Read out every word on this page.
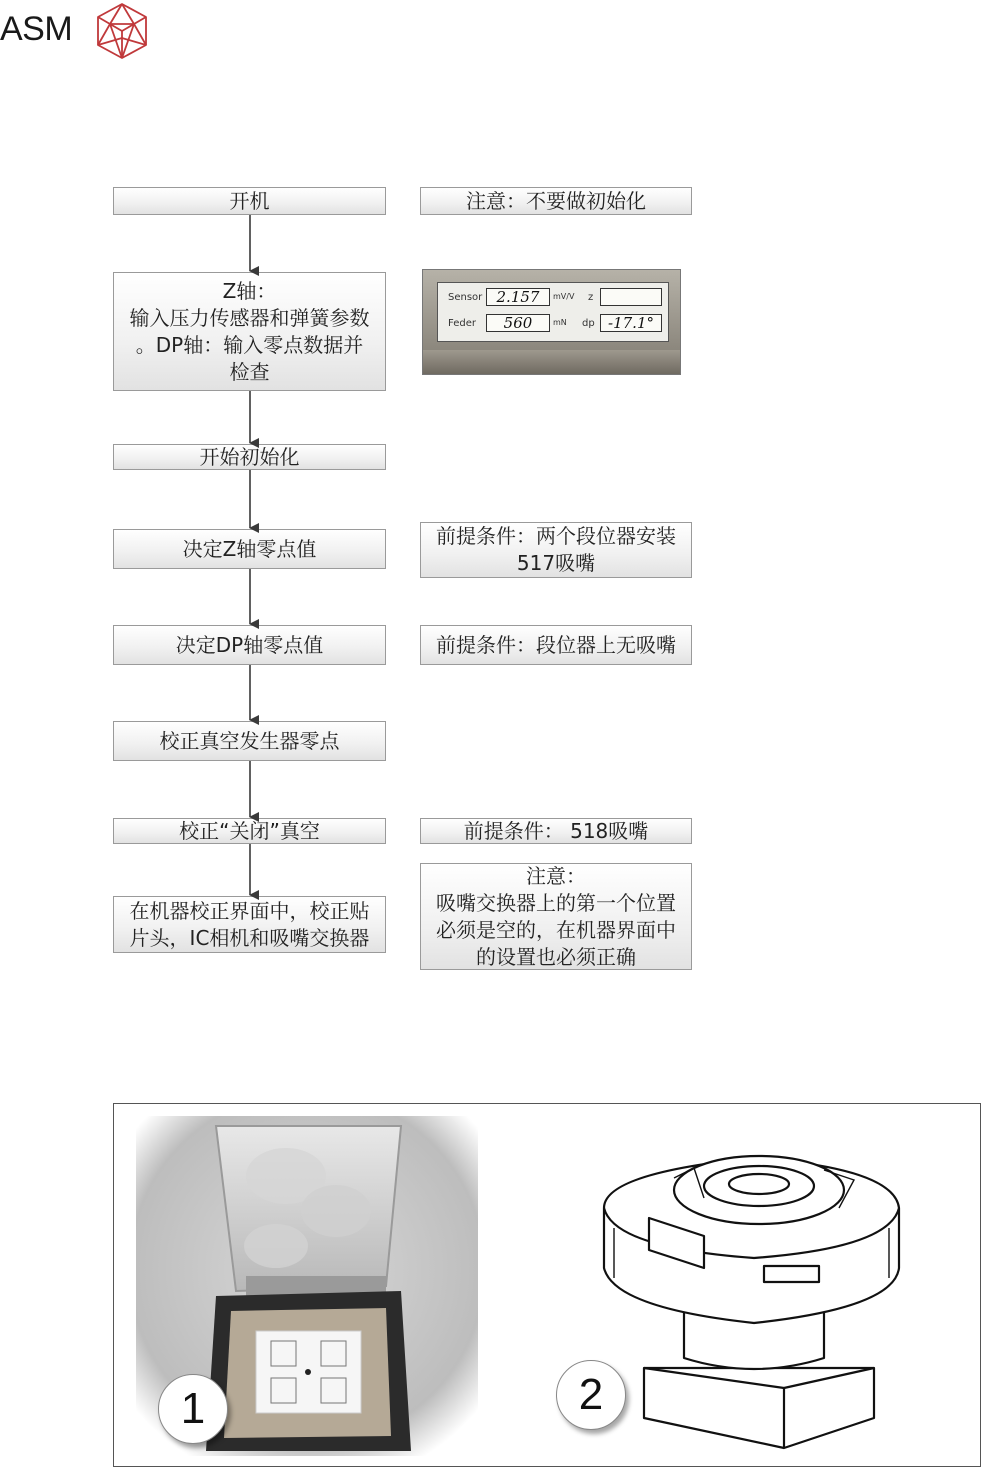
ASM
开机
Z轴：
输入压力传感器和弹簧参数
。DP轴：输入零点数据并
检查
开始初始化
决定Z轴零点值
决定DP轴零点值
校正真空发生器零点
校正“关闭”真空
在机器校正界面中，校正贴
片头，IC相机和吸嘴交换器
注意：不要做初始化
前提条件：两个段位器安装
517吸嘴
前提条件：段位器上无吸嘴
前提条件： 518吸嘴
注意：
吸嘴交换器上的第一个位置
必须是空的，在机器界面中
的设置也必须正确
Sensor 2.157	mV/V
Feder	560	mN
z
dp -17.1°
1	2
